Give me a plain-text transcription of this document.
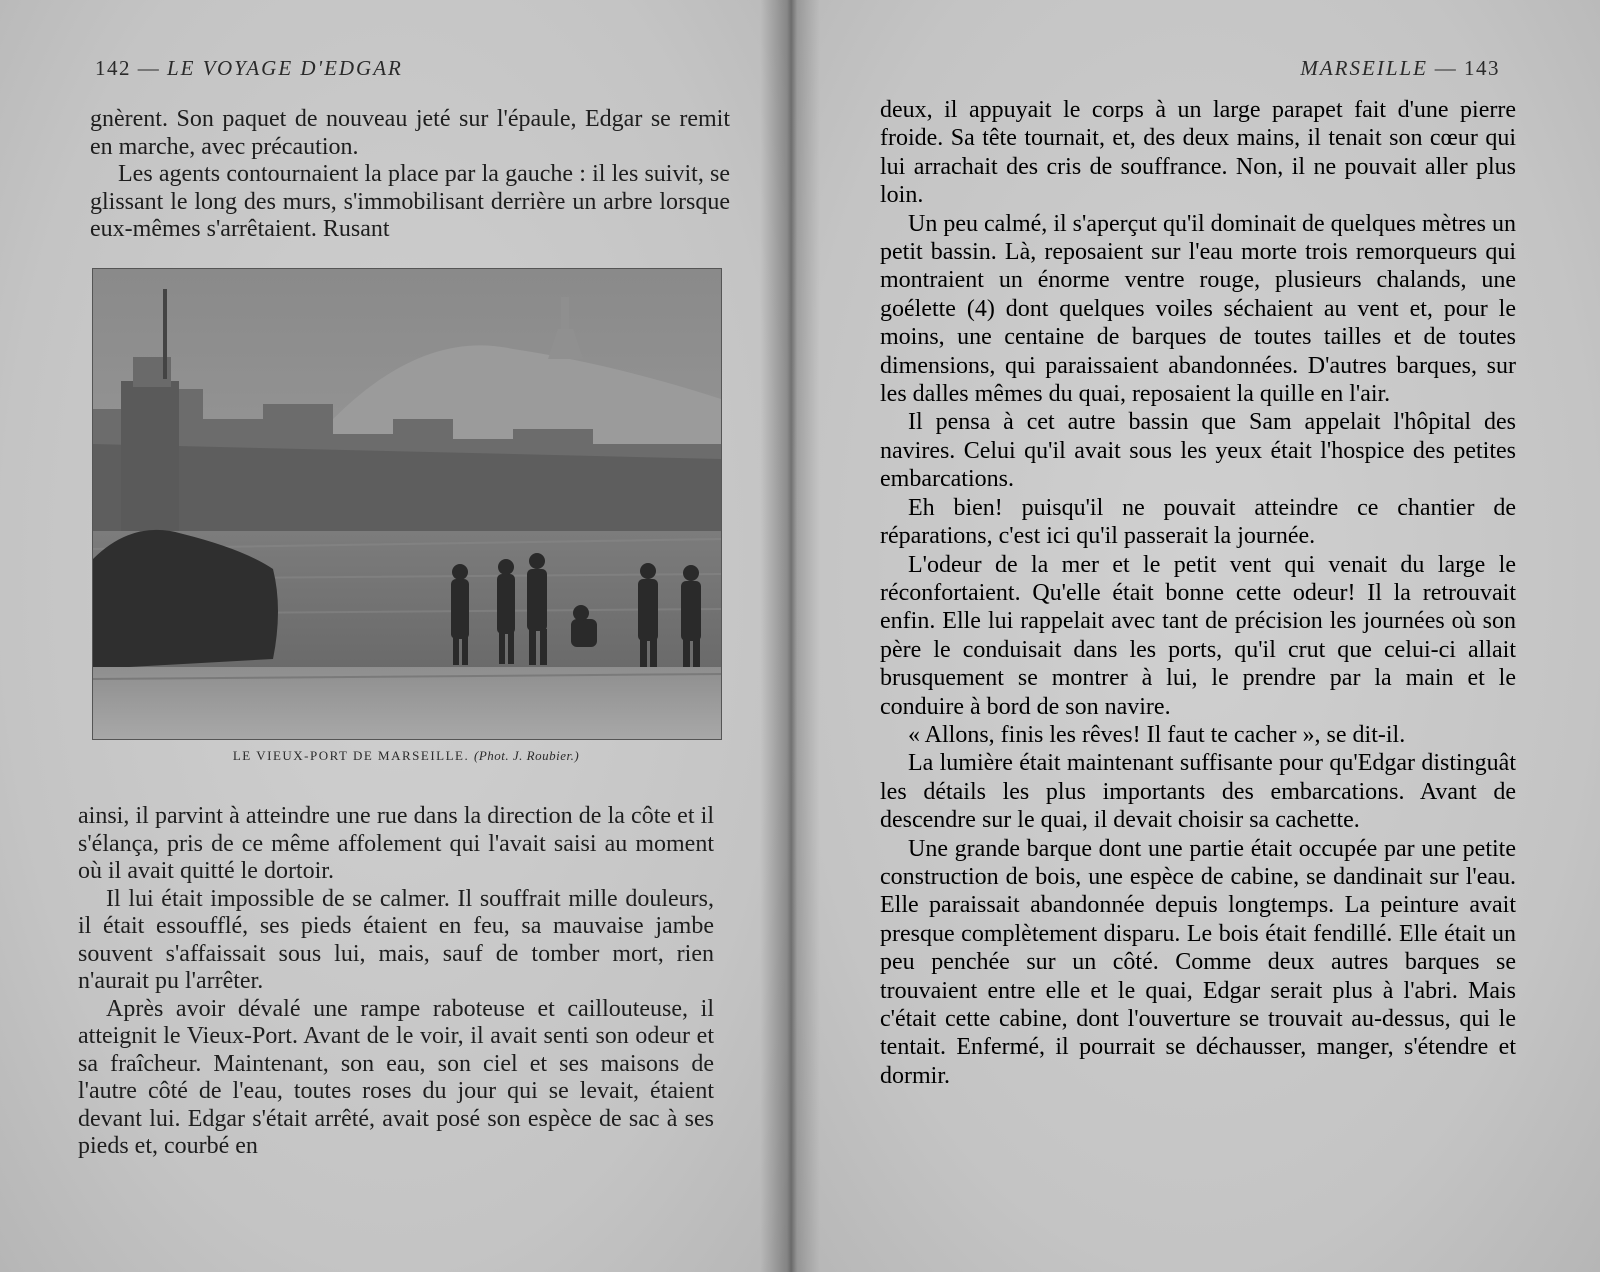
142 — LE VOYAGE D'EDGAR

gnèrent. Son paquet de nouveau jeté sur l'épaule, Edgar se remit en marche, avec précaution.

Les agents contournaient la place par la gauche : il les suivit, se glissant le long des murs, s'immobilisant derrière un arbre lorsque eux-mêmes s'arrêtaient. Rusant

LE VIEUX-PORT DE MARSEILLE. (Phot. J. Roubier.)

ainsi, il parvint à atteindre une rue dans la direction de la côte et il s'élança, pris de ce même affolement qui l'avait saisi au moment où il avait quitté le dortoir.

Il lui était impossible de se calmer. Il souffrait mille douleurs, il était essoufflé, ses pieds étaient en feu, sa mauvaise jambe souvent s'affaissait sous lui, mais, sauf de tomber mort, rien n'aurait pu l'arrêter.

Après avoir dévalé une rampe raboteuse et caillouteuse, il atteignit le Vieux-Port. Avant de le voir, il avait senti son odeur et sa fraîcheur. Maintenant, son eau, son ciel et ses maisons de l'autre côté de l'eau, toutes roses du jour qui se levait, étaient devant lui. Edgar s'était arrêté, avait posé son espèce de sac à ses pieds et, courbé en

MARSEILLE — 143

deux, il appuyait le corps à un large parapet fait d'une pierre froide. Sa tête tournait, et, des deux mains, il tenait son cœur qui lui arrachait des cris de souffrance. Non, il ne pouvait aller plus loin.

Un peu calmé, il s'aperçut qu'il dominait de quelques mètres un petit bassin. Là, reposaient sur l'eau morte trois remorqueurs qui montraient un énorme ventre rouge, plusieurs chalands, une goélette (4) dont quelques voiles séchaient au vent et, pour le moins, une centaine de barques de toutes tailles et de toutes dimensions, qui paraissaient abandonnées. D'autres barques, sur les dalles mêmes du quai, reposaient la quille en l'air.

Il pensa à cet autre bassin que Sam appelait l'hôpital des navires. Celui qu'il avait sous les yeux était l'hospice des petites embarcations.

Eh bien! puisqu'il ne pouvait atteindre ce chantier de réparations, c'est ici qu'il passerait la journée.

L'odeur de la mer et le petit vent qui venait du large le réconfortaient. Qu'elle était bonne cette odeur! Il la retrouvait enfin. Elle lui rappelait avec tant de précision les journées où son père le conduisait dans les ports, qu'il crut que celui-ci allait brusquement se montrer à lui, le prendre par la main et le conduire à bord de son navire.

« Allons, finis les rêves! Il faut te cacher », se dit-il.

La lumière était maintenant suffisante pour qu'Edgar distinguât les détails les plus importants des embarcations. Avant de descendre sur le quai, il devait choisir sa cachette.

Une grande barque dont une partie était occupée par une petite construction de bois, une espèce de cabine, se dandinait sur l'eau. Elle paraissait abandonnée depuis longtemps. La peinture avait presque complètement disparu. Le bois était fendillé. Elle était un peu penchée sur un côté. Comme deux autres barques se trouvaient entre elle et le quai, Edgar serait plus à l'abri. Mais c'était cette cabine, dont l'ouverture se trouvait au-dessus, qui le tentait. Enfermé, il pourrait se déchausser, manger, s'étendre et dormir.
